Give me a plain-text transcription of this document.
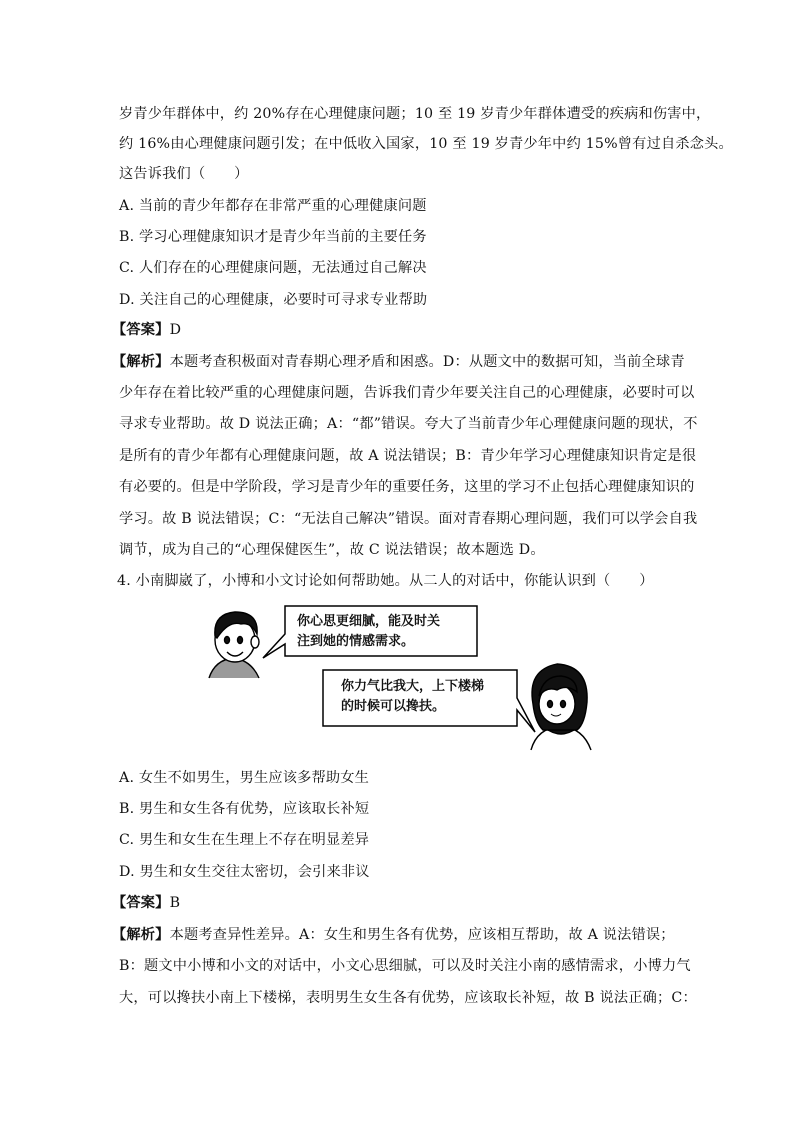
岁青少年群体中，约 20%存在心理健康问题；10 至 19 岁青少年群体遭受的疾病和伤害中，
约 16%由心理健康问题引发；在中低收入国家，10 至 19 岁青少年中约 15%曾有过自杀念头。
这告诉我们（　　）
A. 当前的青少年都存在非常严重的心理健康问题
B. 学习心理健康知识才是青少年当前的主要任务
C. 人们存在的心理健康问题，无法通过自己解决
D. 关注自己的心理健康，必要时可寻求专业帮助
【答案】D
【解析】本题考查积极面对青春期心理矛盾和困惑。D：从题文中的数据可知，当前全球青
少年存在着比较严重的心理健康问题，告诉我们青少年要关注自己的心理健康，必要时可以
寻求专业帮助。故 D 说法正确；A：“都”错误。夸大了当前青少年心理健康问题的现状，不
是所有的青少年都有心理健康问题，故 A 说法错误；B：青少年学习心理健康知识肯定是很
有必要的。但是中学阶段，学习是青少年的重要任务，这里的学习不止包括心理健康知识的
学习。故 B 说法错误；C：“无法自己解决”错误。面对青春期心理问题，我们可以学会自我
调节，成为自己的“心理保健医生”，故 C 说法错误；故本题选 D。
4. 小南脚崴了，小博和小文讨论如何帮助她。从二人的对话中，你能认识到（　　）
你心思更细腻，能及时关
注到她的情感需求。
你力气比我大，上下楼梯
的时候可以搀扶。
A. 女生不如男生，男生应该多帮助女生
B. 男生和女生各有优势，应该取长补短
C. 男生和女生在生理上不存在明显差异
D. 男生和女生交往太密切，会引来非议
【答案】B
【解析】本题考查异性差异。A：女生和男生各有优势，应该相互帮助，故 A 说法错误；
B：题文中小博和小文的对话中，小文心思细腻，可以及时关注小南的感情需求，小博力气
大，可以搀扶小南上下楼梯，表明男生女生各有优势，应该取长补短，故 B 说法正确；C：
